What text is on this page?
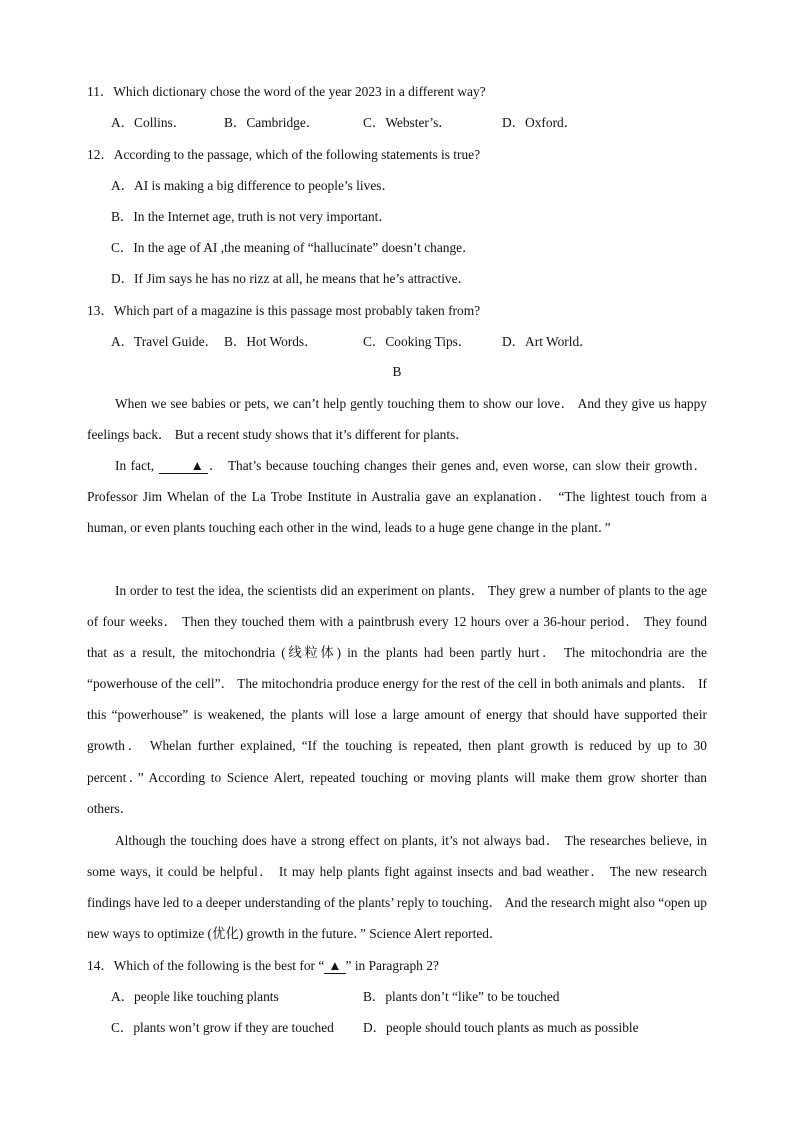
11．Which dictionary chose the word of the year 2023 in a different way?
A．Collins．	B．Cambridge．	C．Webster’s．	D．Oxford．
12．According to the passage, which of the following statements is true?
A．AI is making a big difference to people’s lives．
B．In the Internet age, truth is not very important．
C．In the age of AI ,the meaning of “hallucinate” doesn’t change．
D．If Jim says he has no rizz at all, he means that he’s attractive．
13．Which part of a magazine is this passage most probably taken from?
A．Travel Guide． B．Hot Words．	C．Cooking Tips． D．Art World．
B

When we see babies or pets, we can’t help gently touching them to show our love． And they give us happy feelings back． But a recent study shows that it’s different for plants．

In fact,	▲ ． That’s because touching changes their genes and, even worse, can slow their growth． Professor Jim Whelan of the La Trobe Institute in Australia gave an explanation． “The lightest touch from a human, or even plants touching each other in the wind, leads to a huge gene change in the plant．”

In order to test the idea, the scientists did an experiment on plants． They grew a number of plants to the age of four weeks． Then they touched them with a paintbrush every 12 hours over a 36-hour period． They found that as a result, the mitochondria (线粒体) in the plants had been partly hurt． The mitochondria are the “powerhouse of the cell”． The mitochondria produce energy for the rest of the cell in both animals and plants． If this “powerhouse” is weakened, the plants will lose a large amount of energy that should have supported their growth． Whelan further explained, “If the touching is repeated, then plant growth is reduced by up to 30 percent．” According to Science Alert, repeated touching or moving plants will make them grow shorter than others．

Although the touching does have a strong effect on plants, it’s not always bad． The researches believe, in some ways, it could be helpful． It may help plants fight against insects and bad weather． The new research findings have led to a deeper understanding of the plants’ reply to touching． And the research might also “open up new ways to optimize (优化) growth in the future．” Science Alert reported．

14．Which of the following is the best for “ ▲ ” in Paragraph 2?
A．people like touching plants	B．plants don’t “like” to be touched
C．plants won’t grow if they are touched D．people should touch plants as much as possible
